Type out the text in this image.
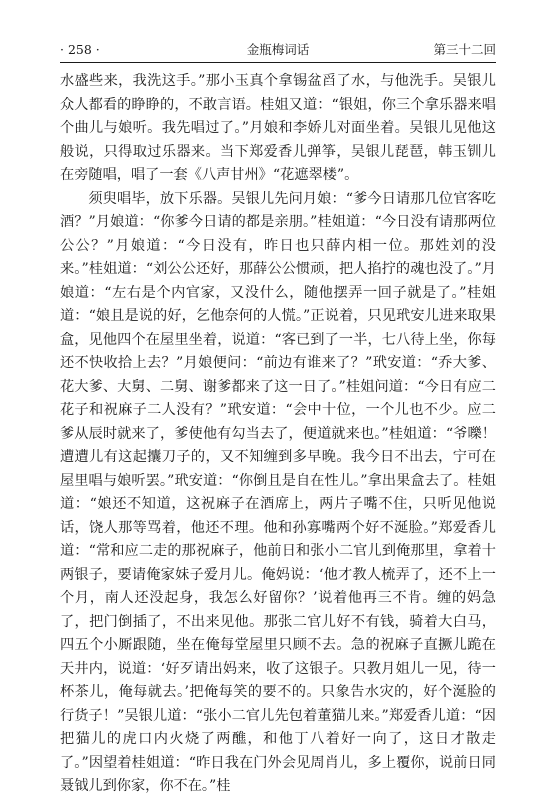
· 258 ·	金瓶梅词话	第三十二回

水盛些来，我洗这手。”那小玉真个拿锡盆舀了水，与他洗手。吴银儿众人都看的睁睁的，不敢言语。桂姐又道：“银姐，你三个拿乐器来唱个曲儿与娘听。我先唱过了。”月娘和李娇儿对面坐着。吴银儿见他这般说，只得取过乐器来。当下郑爱香儿弹筝，吴银儿琵琶，韩玉钏儿在旁随唱，唱了一套《八声甘州》“花遮翠楼”。

须臾唱毕，放下乐器。吴银儿先问月娘：“爹今日请那几位官客吃酒？”月娘道：“你爹今日请的都是亲朋。”桂姐道：“今日没有请那两位公公？”月娘道：“今日没有，昨日也只薛内相一位。那姓刘的没来。”桂姐道：“刘公公还好，那薛公公惯顽，把人掐拧的魂也没了。”月娘道：“左右是个内官家，又没什么，随他摆弄一回子就是了。”桂姐道：“娘且是说的好，乞他奈何的人慌。”正说着，只见玳安儿进来取果盒，见他四个在屋里坐着，说道：“客已到了一半，七八待上坐，你每还不快收拾上去？”月娘便问：“前边有谁来了？”玳安道：“乔大爹、花大爹、大舅、二舅、谢爹都来了这一日了。”桂姐问道：“今日有应二花子和祝麻子二人没有？”玳安道：“会中十位，一个儿也不少。应二爹从辰时就来了，爹使他有勾当去了，便道就来也。”桂姐道：“爷嚛！遭遭儿有这起攮刀子的，又不知缠到多早晚。我今日不出去，宁可在屋里唱与娘听罢。”玳安道：“你倒且是自在性儿。”拿出果盒去了。桂姐道：“娘还不知道，这祝麻子在酒席上，两片子嘴不住，只听见他说话，饶人那等骂着，他还不理。他和孙寡嘴两个好不涎脸。”郑爱香儿道：“常和应二走的那祝麻子，他前日和张小二官儿到俺那里，拿着十两银子，要请俺家妹子爱月儿。俺妈说：‘他才教人梳弄了，还不上一个月，南人还没起身，我怎么好留你？’说着他再三不肯。缠的妈急了，把门倒插了，不出来见他。那张二官儿好不有钱，骑着大白马，四五个小厮跟随，坐在俺每堂屋里只顾不去。急的祝麻子直撅儿跪在天井内，说道：‘好歹请出妈来，收了这银子。只教月姐儿一见，待一杯茶儿，俺每就去。’把俺每笑的要不的。只象告水灾的，好个涎脸的行货子！”吴银儿道：“张小二官儿先包着董猫儿来。”郑爱香儿道：“因把猫儿的虎口内火烧了两醮，和他丁八着好一向了，这日才散走了。”因望着桂姐道：“昨日我在门外会见周肖儿，多上覆你，说前日同聂钺儿到你家，你不在。”桂
